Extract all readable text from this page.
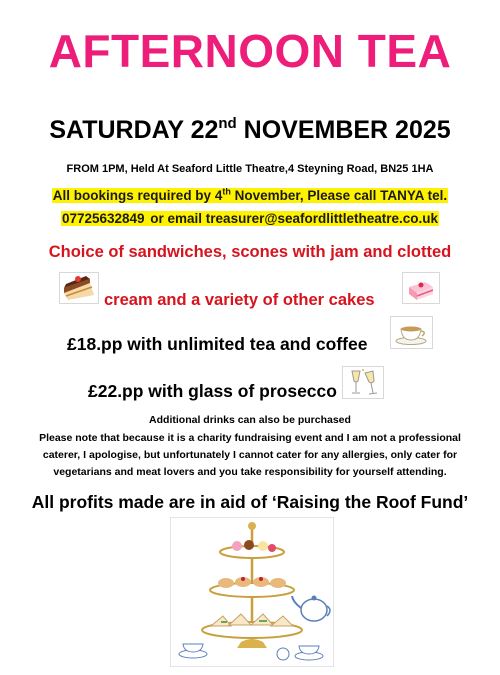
AFTERNOON TEA
SATURDAY 22nd NOVEMBER 2025
FROM 1PM, Held At Seaford Little Theatre,4 Steyning Road, BN25 1HA
All bookings required by 4th November, Please call TANYA tel.
07725632849 or email treasurer@seafordlittletheatre.co.uk
Choice of sandwiches, scones with jam and clotted
cream and a variety of other cakes
£18.pp with unlimited tea and coffee
£22.pp with glass of prosecco
Additional drinks can also be purchased
Please note that because it is a charity fundraising event and I am not a professional caterer, I apologise, but unfortunately I cannot cater for any allergies, only cater for vegetarians and meat lovers and you take responsibility for yourself attending.
All profits made are in aid of ‘Raising the Roof Fund’
